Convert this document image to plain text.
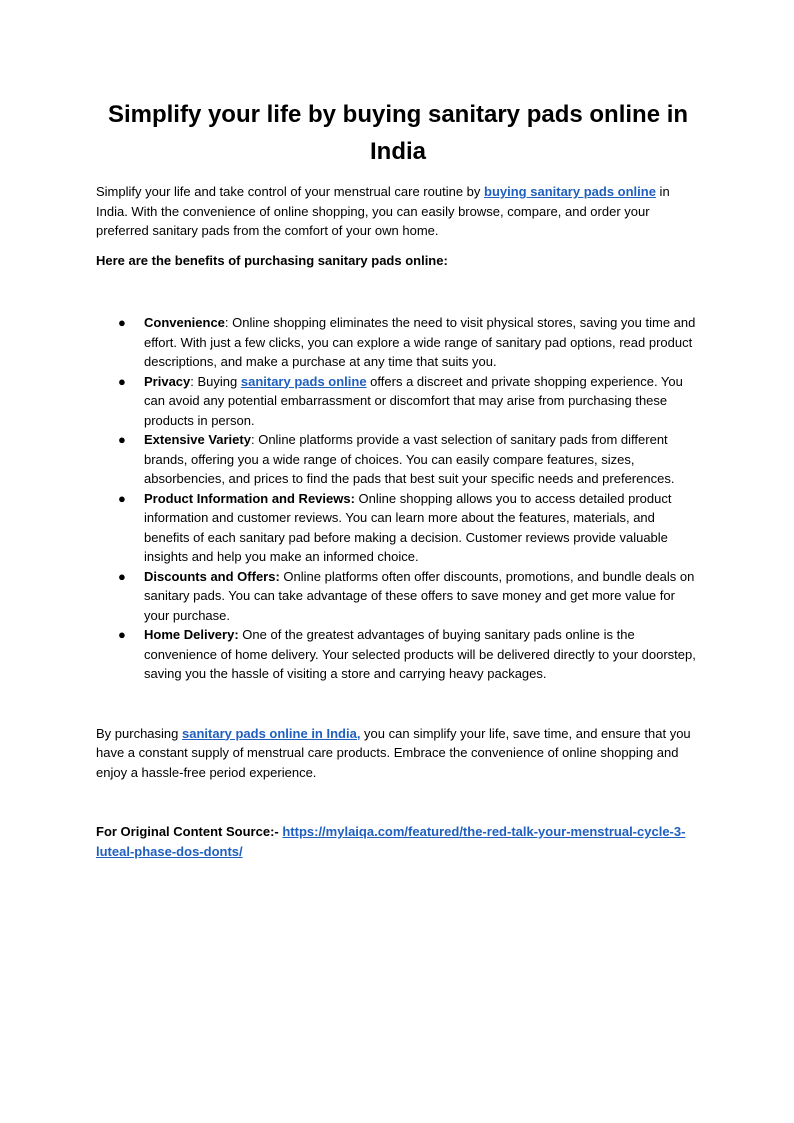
Simplify your life by buying sanitary pads online in India

Simplify your life and take control of your menstrual care routine by buying sanitary pads online in India. With the convenience of online shopping, you can easily browse, compare, and order your preferred sanitary pads from the comfort of your own home.

Here are the benefits of purchasing sanitary pads online:

● Convenience: Online shopping eliminates the need to visit physical stores, saving you time and effort. With just a few clicks, you can explore a wide range of sanitary pad options, read product descriptions, and make a purchase at any time that suits you.
● Privacy: Buying sanitary pads online offers a discreet and private shopping experience. You can avoid any potential embarrassment or discomfort that may arise from purchasing these products in person.
● Extensive Variety: Online platforms provide a vast selection of sanitary pads from different brands, offering you a wide range of choices. You can easily compare features, sizes, absorbencies, and prices to find the pads that best suit your specific needs and preferences.
● Product Information and Reviews: Online shopping allows you to access detailed product information and customer reviews. You can learn more about the features, materials, and benefits of each sanitary pad before making a decision. Customer reviews provide valuable insights and help you make an informed choice.
● Discounts and Offers: Online platforms often offer discounts, promotions, and bundle deals on sanitary pads. You can take advantage of these offers to save money and get more value for your purchase.
● Home Delivery: One of the greatest advantages of buying sanitary pads online is the convenience of home delivery. Your selected products will be delivered directly to your doorstep, saving you the hassle of visiting a store and carrying heavy packages.

By purchasing sanitary pads online in India, you can simplify your life, save time, and ensure that you have a constant supply of menstrual care products. Embrace the convenience of online shopping and enjoy a hassle-free period experience.

For Original Content Source:- https://mylaiqa.com/featured/the-red-talk-your-menstrual-cycle-3-luteal-phase-dos-donts/
